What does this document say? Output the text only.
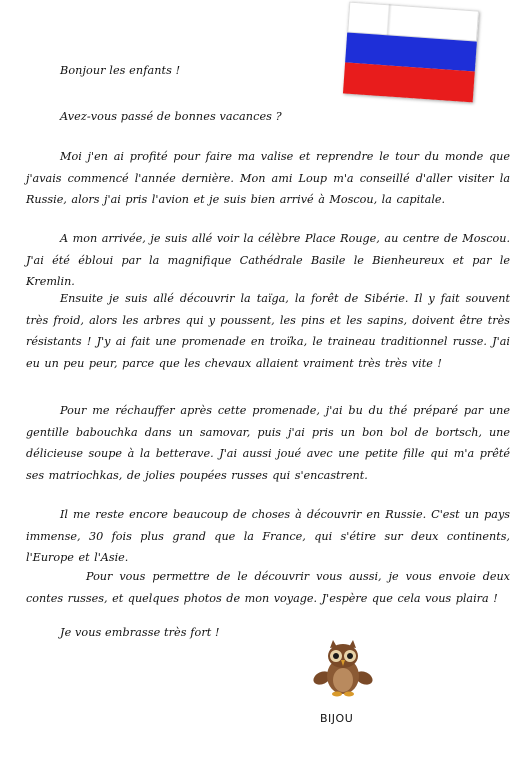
Bonjour les enfants !
Avez-vous passé de bonnes vacances ?
Moi j'en ai profité pour faire ma valise et reprendre le tour du monde que j'avais commencé l'année dernière. Mon ami Loup m'a conseillé d'aller visiter la Russie, alors j'ai pris l'avion et je suis bien arrivé à Moscou, la capitale.
A mon arrivée, je suis allé voir la célèbre Place Rouge, au centre de Moscou. J'ai été ébloui par la magnifique Cathédrale Basile le Bienheureux et par le Kremlin.
Ensuite je suis allé découvrir la taïga, la forêt de Sibérie. Il y fait souvent très froid, alors les arbres qui y poussent, les pins et les sapins, doivent être très résistants ! J'y ai fait une promenade en troïka, le traineau traditionnel russe. J'ai eu un peu peur, parce que les chevaux allaient vraiment très très vite !
Pour me réchauffer après cette promenade, j'ai bu du thé préparé par une gentille babouchka dans un samovar, puis j'ai pris un bon bol de bortsch, une délicieuse soupe à la betterave. J'ai aussi joué avec une petite fille qui m'a prêté ses matriochkas, de jolies poupées russes qui s'encastrent.
Il me reste encore beaucoup de choses à découvrir en Russie. C'est un pays immense, 30 fois plus grand que la France, qui s'étire sur deux continents, l'Europe et l'Asie.
Pour vous permettre de le découvrir vous aussi, je vous envoie deux contes russes, et quelques photos de mon voyage. J'espère que cela vous plaira !
Je vous embrasse très fort !
BIJOU
